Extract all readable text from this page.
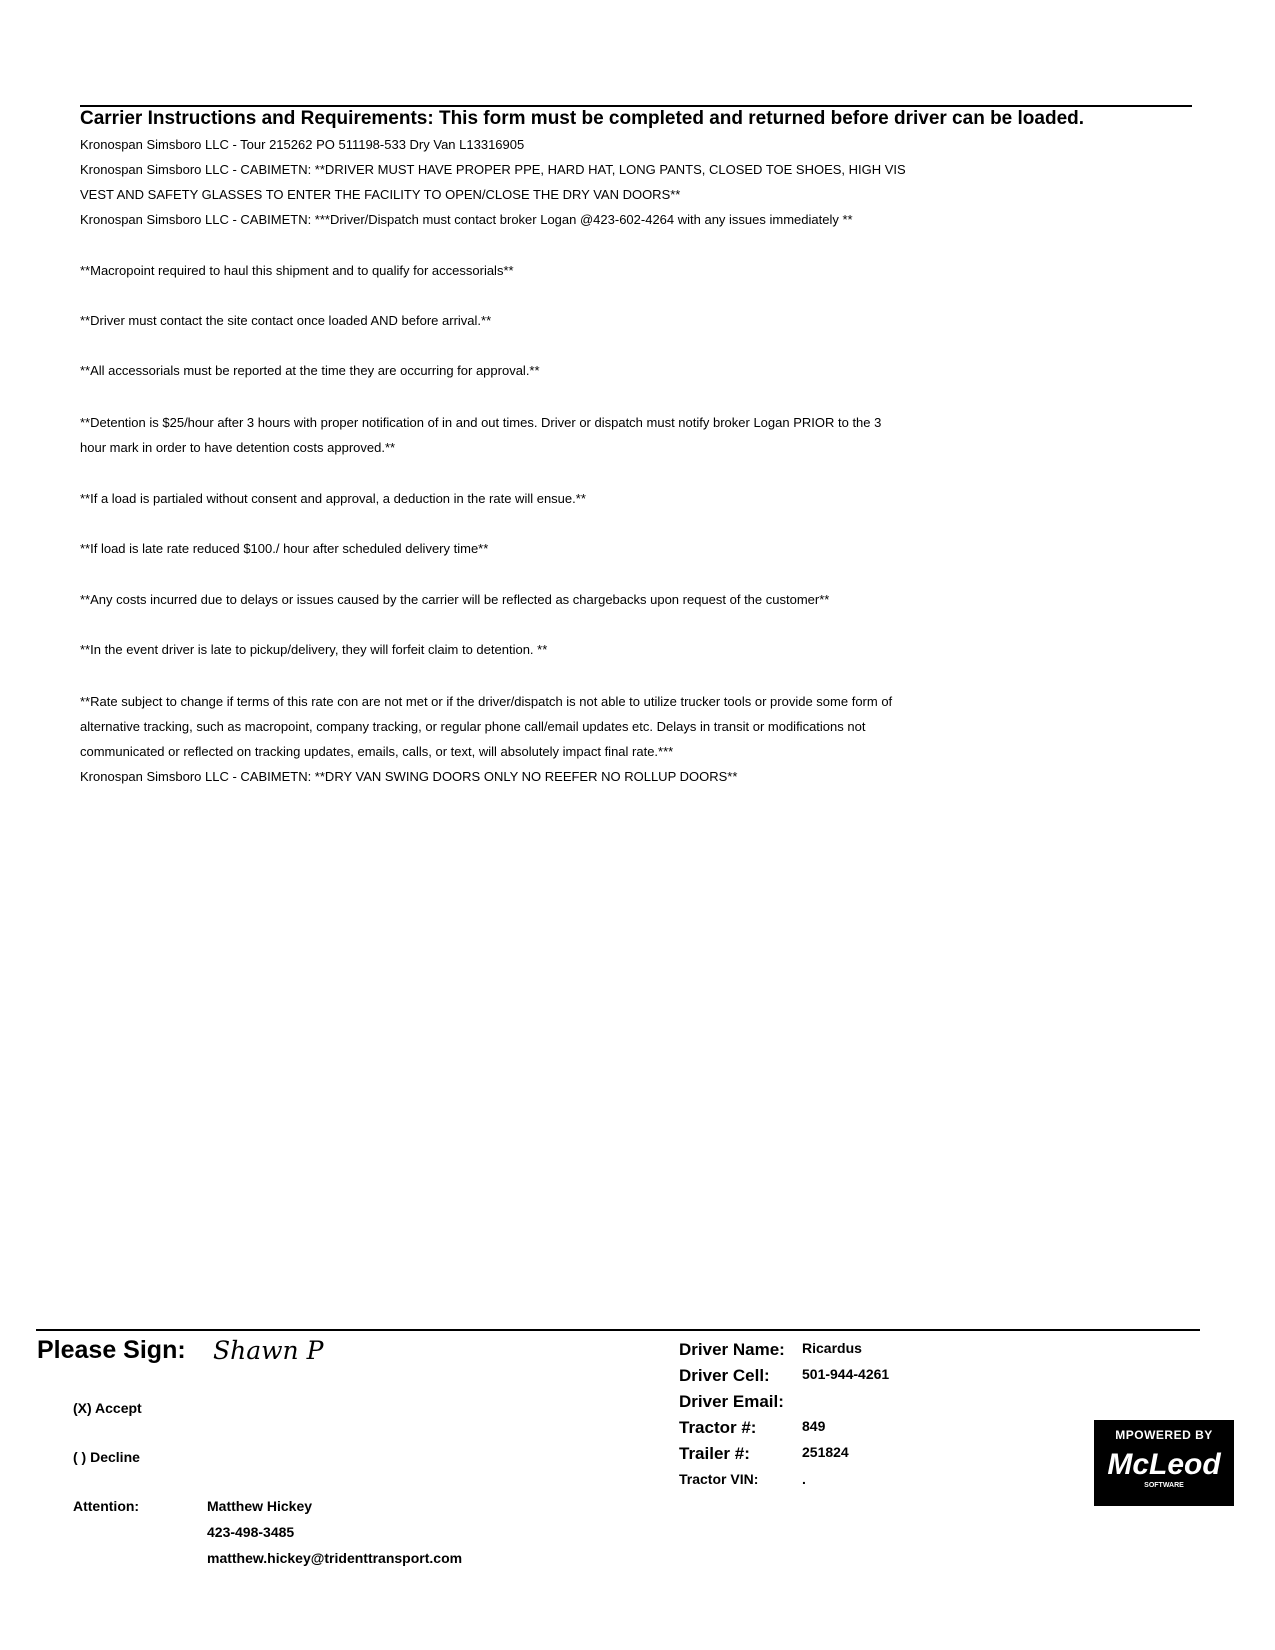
Carrier Instructions and Requirements: This form must be completed and returned before driver can be loaded.
Kronospan Simsboro LLC - Tour 215262 PO 511198-533 Dry Van L13316905
Kronospan Simsboro LLC - CABIMETN: **DRIVER MUST HAVE PROPER PPE, HARD HAT, LONG PANTS, CLOSED TOE SHOES, HIGH VIS
VEST AND SAFETY GLASSES TO ENTER THE FACILITY TO OPEN/CLOSE THE DRY VAN DOORS**
Kronospan Simsboro LLC - CABIMETN: ***Driver/Dispatch must contact broker Logan @423-602-4264 with any issues immediately **
**Macropoint required to haul this shipment and to qualify for accessorials**
**Driver must contact the site contact once loaded AND before arrival.**
**All accessorials must be reported at the time they are occurring for approval.**
**Detention is $25/hour after 3 hours with proper notification of in and out times. Driver or dispatch must notify broker Logan PRIOR to the 3
hour mark in order to have detention costs approved.**
**If a load is partialed without consent and approval, a deduction in the rate will ensue.**
**If load is late rate reduced $100./ hour after scheduled delivery time**
**Any costs incurred due to delays or issues caused by the carrier will be reflected as chargebacks upon request of the customer**
**In the event driver is late to pickup/delivery, they will forfeit claim to detention. **
**Rate subject to change if terms of this rate con are not met or if the driver/dispatch is not able to utilize trucker tools or provide some form of
alternative tracking, such as macropoint, company tracking, or regular phone call/email updates etc. Delays in transit or modifications not
communicated or reflected on tracking updates, emails, calls, or text, will absolutely impact final rate.***
Kronospan Simsboro LLC - CABIMETN: **DRY VAN SWING DOORS ONLY NO REEFER NO ROLLUP DOORS**
Please Sign: Shawn P
(X) Accept
( ) Decline
Attention:	Matthew Hickey
423-498-3485
matthew.hickey@tridenttransport.com
Driver Name: Ricardus
Driver Cell: 501-944-4261
Driver Email:
Tractor #:	849
Trailer #:	251824
Tractor VIN:	.
MPOWERED BY
McLeod
SOFTWARE
